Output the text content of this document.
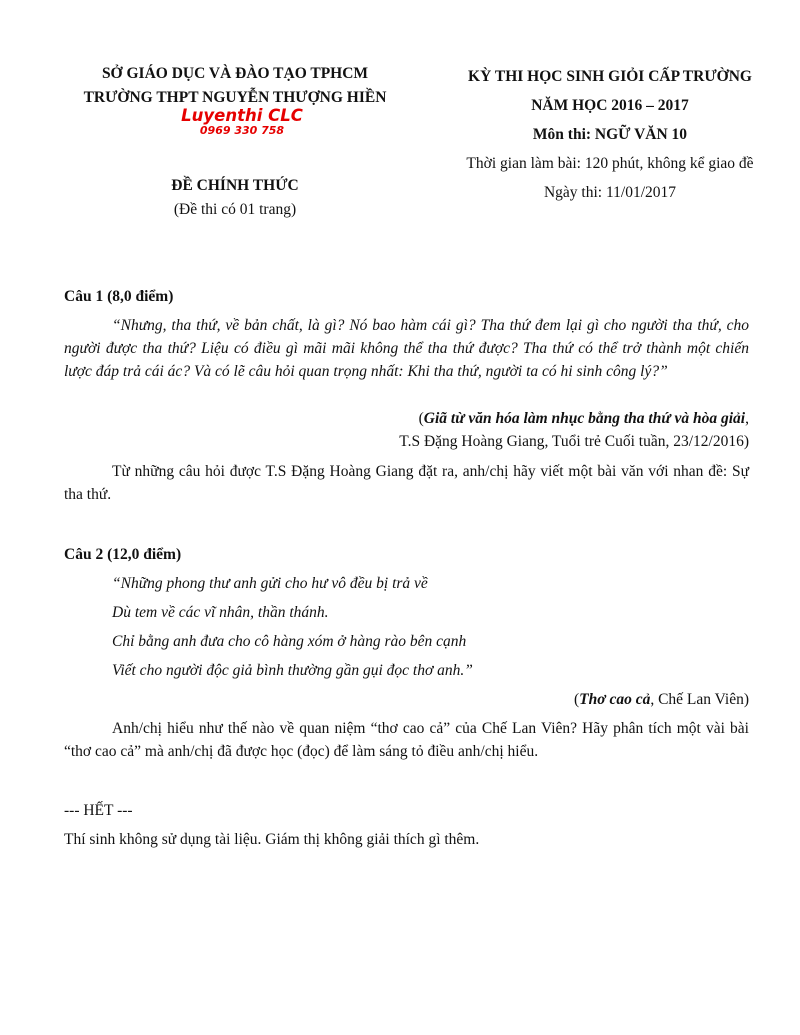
SỞ GIÁO DỤC VÀ ĐÀO TẠO TPHCM
TRƯỜNG THPT NGUYỄN THƯỢNG HIỀN
Luyenthi CLC
0969 330 758
ĐỀ CHÍNH THỨC
(Đề thi có 01 trang)
KỲ THI HỌC SINH GIỎI CẤP TRƯỜNG
NĂM HỌC 2016 – 2017
Môn thi: NGỮ VĂN 10
Thời gian làm bài: 120 phút, không kể giao đề
Ngày thi: 11/01/2017
Câu 1 (8,0 điểm)
“Nhưng, tha thứ, về bản chất, là gì? Nó bao hàm cái gì? Tha thứ đem lại gì cho người tha thứ, cho người được tha thứ? Liệu có điều gì mãi mãi không thể tha thứ được? Tha thứ có thể trở thành một chiến lược đáp trả cái ác? Và có lẽ câu hỏi quan trọng nhất: Khi tha thứ, người ta có hi sinh công lý?”
(Giã từ văn hóa làm nhục bằng tha thứ và hòa giải,
T.S Đặng Hoàng Giang, Tuổi trẻ Cuối tuần, 23/12/2016)
Từ những câu hỏi được T.S Đặng Hoàng Giang đặt ra, anh/chị hãy viết một bài văn với nhan đề: Sự tha thứ.
Câu 2 (12,0 điểm)
“Những phong thư anh gửi cho hư vô đều bị trả về
Dù tem về các vĩ nhân, thần thánh.
Chỉ bằng anh đưa cho cô hàng xóm ở hàng rào bên cạnh
Viết cho người độc giả bình thường gần gụi đọc thơ anh.”
(Thơ cao cả, Chế Lan Viên)
Anh/chị hiểu như thế nào về quan niệm “thơ cao cả” của Chế Lan Viên? Hãy phân tích một vài bài “thơ cao cả” mà anh/chị đã được học (đọc) để làm sáng tỏ điều anh/chị hiểu.
--- HẾT ---
Thí sinh không sử dụng tài liệu. Giám thị không giải thích gì thêm.
